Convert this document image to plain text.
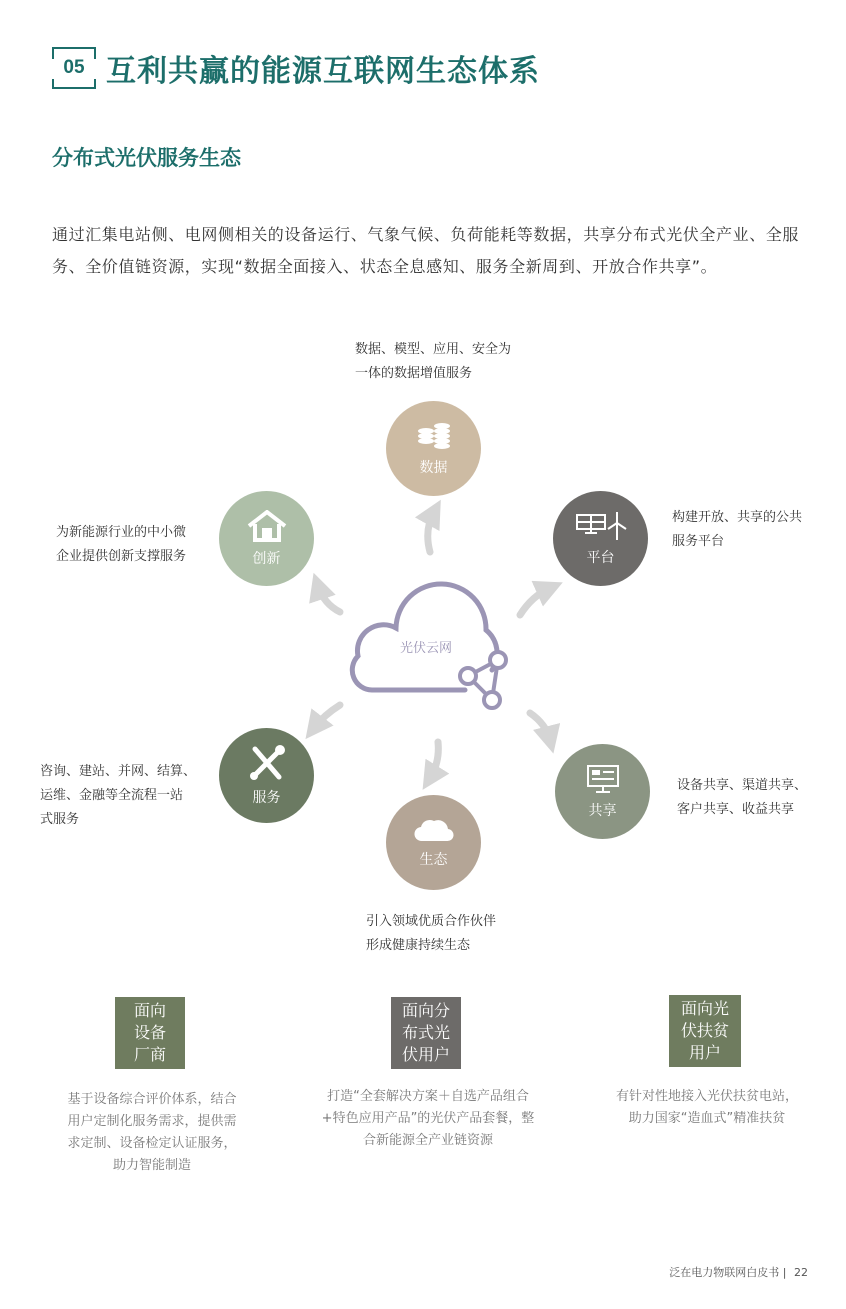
05 互利共赢的能源互联网生态体系
分布式光伏服务生态
通过汇集电站侧、电网侧相关的设备运行、气象气候、负荷能耗等数据，共享分布式光伏全产业、全服务、全价值链资源，实现“数据全面接入、状态全息感知、服务全新周到、开放合作共享”。
光伏云网
数据、模型、应用、安全为
一体的数据增值服务
数据
平台
构建开放、共享的公共
服务平台
共享
设备共享、渠道共享、
客户共享、收益共享
生态
引入领域优质合作伙伴
形成健康持续生态
服务
咨询、建站、并网、结算、
运维、金融等全流程一站
式服务
创新
为新能源行业的中小微
企业提供创新支撑服务
面向
设备
厂商
基于设备综合评价体系，结合
用户定制化服务需求，提供需
求定制、设备检定认证服务，
助力智能制造
面向分
布式光
伏用户
打造“全套解决方案＋自选产品组合
+特色应用产品”的光伏产品套餐，整
合新能源全产业链资源
面向光
伏扶贫
用户
有针对性地接入光伏扶贫电站，
助力国家“造血式”精准扶贫
泛在电力物联网白皮书 | 22
